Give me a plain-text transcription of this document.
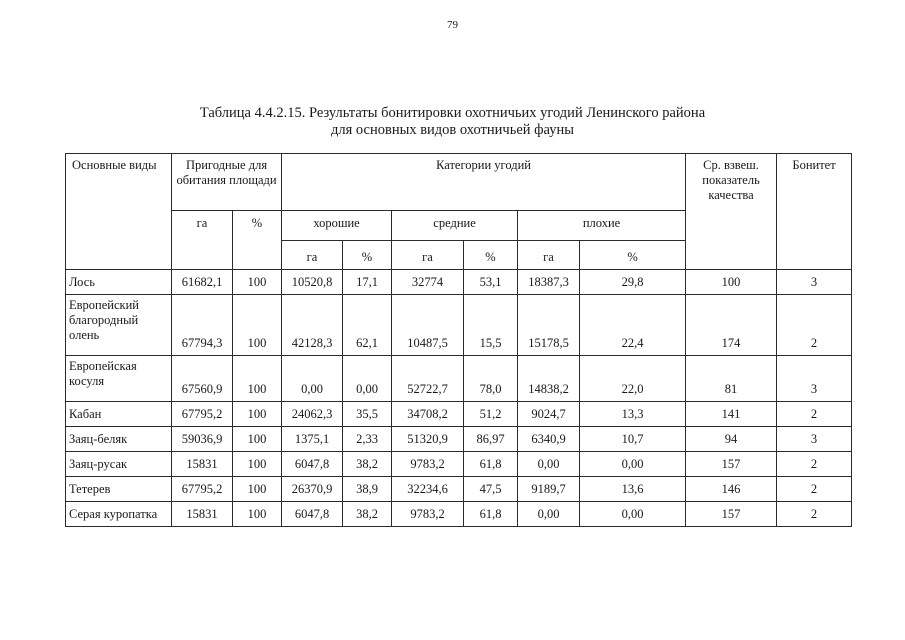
79
Таблица 4.4.2.15. Результаты бонитировки охотничьих угодий Ленинского района
для основных видов охотничьей фауны
Основные виды	Пригодные для обитания площади		Категории угодий						Ср. взвеш. показатель качества	Бонитет
	га	%	хорошие		средние		плохие			
			га	%	га	%	га	%		
Лось	61682,1	100	10520,8	17,1	32774	53,1	18387,3	29,8	100	3
Европейский благородный олень	67794,3	100	42128,3	62,1	10487,5	15,5	15178,5	22,4	174	2
Европейская косуля	67560,9	100	0,00	0,00	52722,7	78,0	14838,2	22,0	81	3
Кабан	67795,2	100	24062,3	35,5	34708,2	51,2	9024,7	13,3	141	2
Заяц-беляк	59036,9	100	1375,1	2,33	51320,9	86,97	6340,9	10,7	94	3
Заяц-русак	15831	100	6047,8	38,2	9783,2	61,8	0,00	0,00	157	2
Тетерев	67795,2	100	26370,9	38,9	32234,6	47,5	9189,7	13,6	146	2
Серая куропатка	15831	100	6047,8	38,2	9783,2	61,8	0,00	0,00	157	2
